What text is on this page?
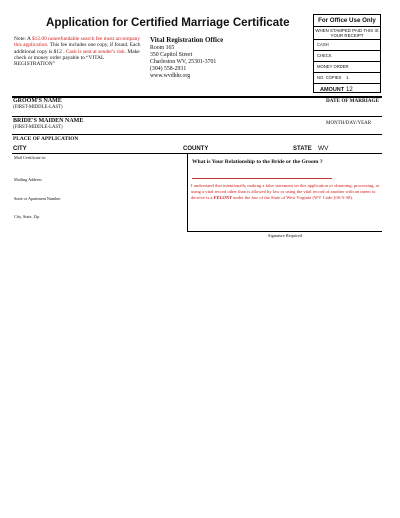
Application for Certified Marriage Certificate
Note: A $12.00 nonrefundable search fee must accompany this application. This fee includes one copy, if found. Each additional copy is $12 . Cash is sent at sender's risk. Make check or money order payable to “VITAL REGISTRATION”
Vital Registration Office
Room 165
350 Capitol Street
Charleston WV, 25301-3701
(304) 558-2931
www.wvdhhr.org
For Office Use Only
WHEN STAMPED PAID THIS IS YOUR RECEIPT
CASH
CHECK
MONEY ORDER
NO. COPIES 1
AMOUNT 12
GROOM'S NAME
(FIRST-MIDDLE-LAST)
DATE OF MARRIAGE
BRIDE'S MAIDEN NAME
(FIRST-MIDDLE-LAST)
MONTH/DAY/YEAR
PLACE OF APPLICATION
CITY	COUNTY	STATE WV
Mail Certificate to:
Mailing Address
Suite or Apartment Number
City, State, Zip
What is Your Relationship to the Bride or the Groom ?
I understand that intentionally making a false statement on this application or obtaining, processing, or using a vital record other than is allowed by law or using the vital record of another with an intent to deceive is a FELONY under the law of the State of West Virginia (WV Code §16-5-38).
Signature Required
